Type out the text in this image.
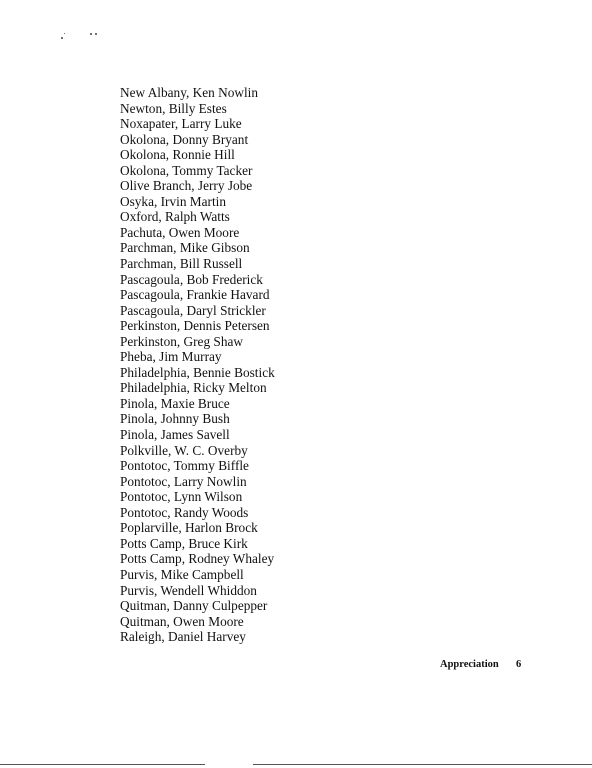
New Albany, Ken Nowlin
Newton, Billy Estes
Noxapater, Larry Luke
Okolona, Donny Bryant
Okolona, Ronnie Hill
Okolona, Tommy Tacker
Olive Branch, Jerry Jobe
Osyka, Irvin Martin
Oxford, Ralph Watts
Pachuta, Owen Moore
Parchman, Mike Gibson
Parchman, Bill Russell
Pascagoula, Bob Frederick
Pascagoula, Frankie Havard
Pascagoula, Daryl Strickler
Perkinston, Dennis Petersen
Perkinston, Greg Shaw
Pheba, Jim Murray
Philadelphia, Bennie Bostick
Philadelphia, Ricky Melton
Pinola, Maxie Bruce
Pinola, Johnny Bush
Pinola, James Savell
Polkville, W. C. Overby
Pontotoc, Tommy Biffle
Pontotoc, Larry Nowlin
Pontotoc, Lynn Wilson
Pontotoc, Randy Woods
Poplarville, Harlon Brock
Potts Camp, Bruce Kirk
Potts Camp, Rodney Whaley
Purvis, Mike Campbell
Purvis, Wendell Whiddon
Quitman, Danny Culpepper
Quitman, Owen Moore
Raleigh, Daniel Harvey
Appreciation 6
